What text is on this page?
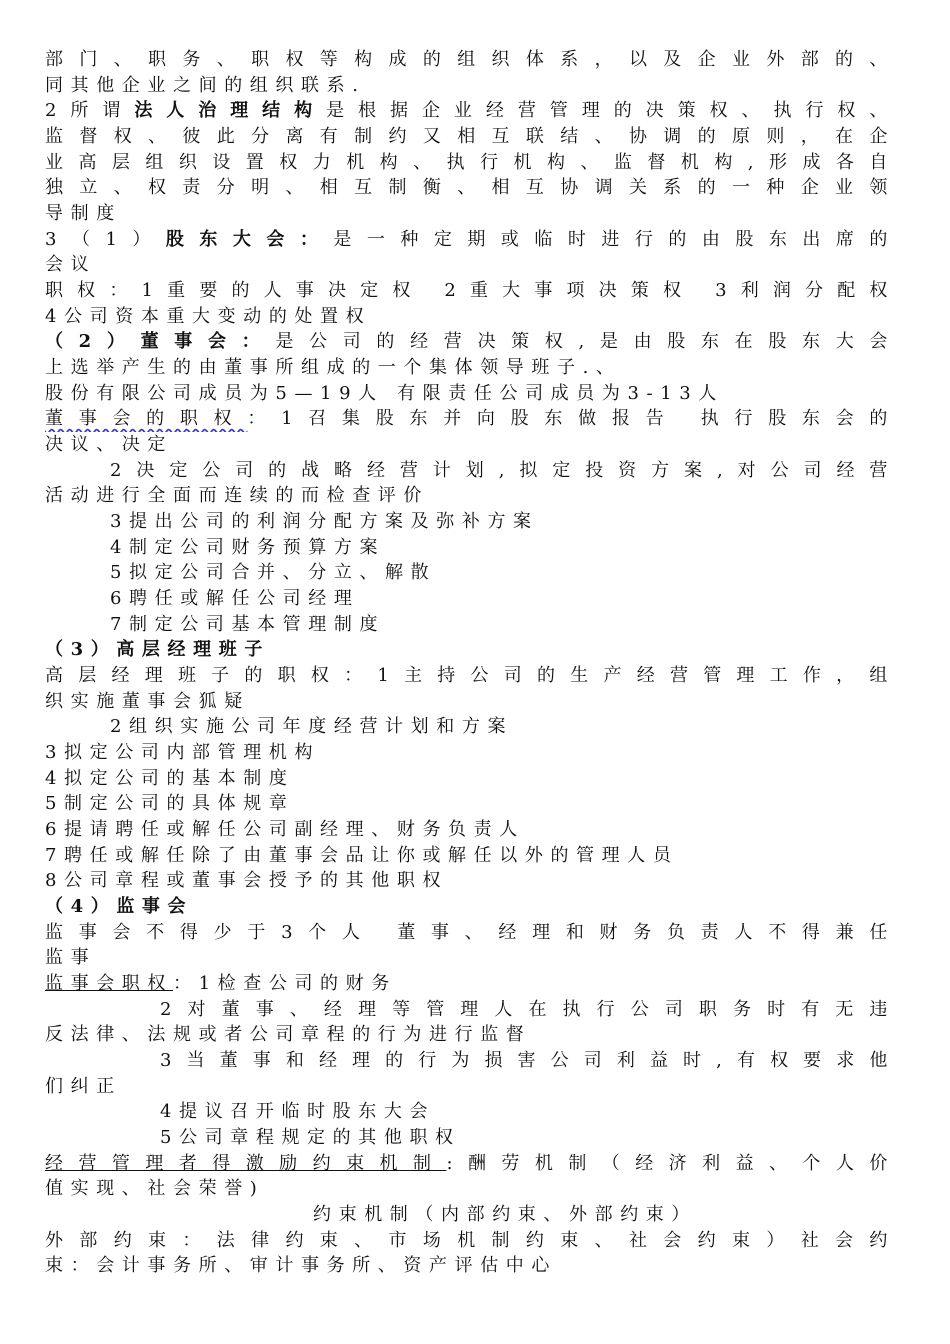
部门、职务、职权等构成的组织体系，以及企业外部的、
同其他企业之间的组织联系.
2所谓法人治理结构是根据企业经营管理的决策权、执行权、
监督权、彼此分离有制约又相互联结、协调的原则，在企
业高层组织设置权力机构、执行机构、监督机构,形成各自
独立、权责分明、相互制衡、相互协调关系的一种企业领
导制度
3（1）股东大会：是一种定期或临时进行的由股东出席的
会议
职权：1重要的人事决定权 2重大事项决策权 3利润分配权
4公司资本重大变动的处置权
（2）董事会：是公司的经营决策权,是由股东在股东大会
上选举产生的由董事所组成的一个集体领导班子.、
股份有限公司成员为5—19人 有限责任公司成员为3-13人
董事会的职权：1召集股东并向股东做报告 执行股东会的
决议、决定
2决定公司的战略经营计划,拟定投资方案,对公司经营
活动进行全面而连续的而检查评价
3提出公司的利润分配方案及弥补方案
4制定公司财务预算方案
5拟定公司合并、分立、解散
6聘任或解任公司经理
7制定公司基本管理制度
（3）高层经理班子
高层经理班子的职权：1主持公司的生产经营管理工作，组
织实施董事会狐疑
2组织实施公司年度经营计划和方案
3拟定公司内部管理机构
4拟定公司的基本制度
5制定公司的具体规章
6提请聘任或解任公司副经理、财务负责人
7聘任或解任除了由董事会品让你或解任以外的管理人员
8公司章程或董事会授予的其他职权
（4）监事会
监事会不得少于3个人 董事、经理和财务负责人不得兼任
监事
监事会职权：1检查公司的财务
2对董事、经理等管理人在执行公司职务时有无违
反法律、法规或者公司章程的行为进行监督
3当董事和经理的行为损害公司利益时,有权要求他
们纠正
4提议召开临时股东大会
5公司章程规定的其他职权
经营管理者得激励约束机制:酬劳机制（经济利益、个人价
值实现、社会荣誉)
约束机制（内部约束、外部约束）
外部约束：法律约束、市场机制约束、社会约束）社会约
束：会计事务所、审计事务所、资产评估中心
